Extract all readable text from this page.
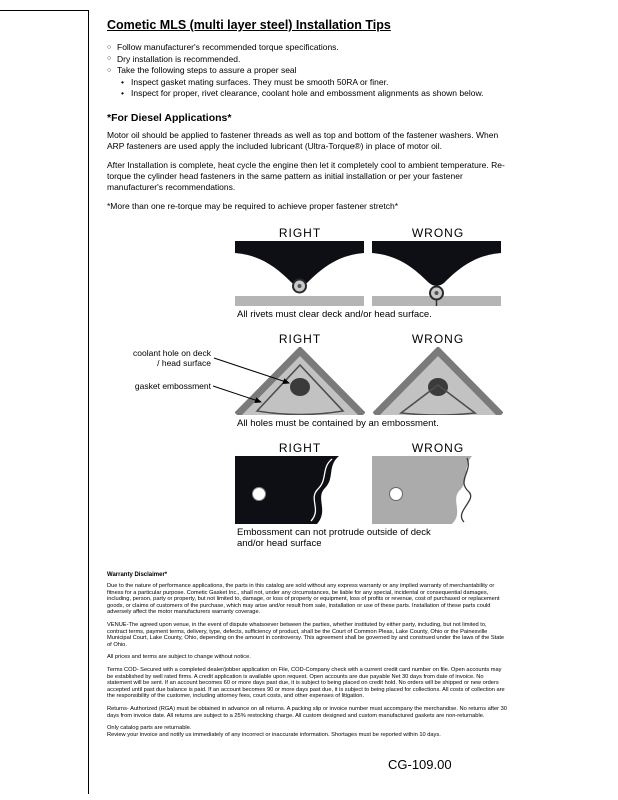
Cometic MLS (multi layer steel) Installation Tips
○ Follow manufacturer's recommended torque specifications.
○ Dry installation is recommended.
○ Take the following steps to assure a proper seal
• Inspect gasket mating surfaces. They must be smooth 50RA or finer.
• Inspect for proper, rivet clearance, coolant hole and embossment alignments as shown below.
*For Diesel Applications*

Motor oil should be applied to fastener threads as well as top and bottom of the fastener washers. When ARP fasteners are used apply the included lubricant (Ultra-Torque®) in place of motor oil.

After Installation is complete, heat cycle the engine then let it completely cool to ambient temperature. Re-torque the cylinder head fasteners in the same pattern as initial installation or per your fastener manufacturer's recommendations.

*More than one re-torque may be required to achieve proper fastener stretch*

RIGHT	WRONG
All rivets must clear deck and/or head surface.
RIGHT	WRONG
coolant hole on deck / head surface
gasket embossment
All holes must be contained by an embossment.
RIGHT	WRONG
Embossment can not protrude outside of deck and/or head surface
Warranty Disclaimer*

Due to the nature of performance applications, the parts in this catalog are sold without any express warranty or any implied warranty of merchantability or fitness for a particular purpose. Cometic Gasket Inc., shall not, under any circumstances, be liable for any special, incidental or consequential damages, including, person, party or property, but not limited to, damage, or loss of property or equipment, loss of profits or revenue, cost of purchased or replacement goods, or claims of customers of the purchase, which may arise and/or result from sale, installation or use of these parts. Installation of these parts could adversely affect the motor manufacturers warranty coverage.

VENUE-The agreed upon venue, in the event of dispute whatsoever between the parties, whether instituted by either party, including, but not limited to, contract terms, payment terms, delivery, type, defects, sufficiency of product, shall be the Court of Common Pleas, Lake County, Ohio or the Painesville Municipal Court, Lake County, Ohio, depending on the amount in controversy. This agreement shall be governed by and construed under the laws of the State of Ohio.

All prices and terms are subject to change without notice.

Terms COD- Secured with a completed dealer/jobber application on File, COD-Company check with a current credit card number on file. Open accounts may be established by well rated firms. A credit application is available upon request. Open accounts are due payable Net 30 days from date of invoice. No statement will be sent. If an account becomes 60 or more days past due, it is subject to being placed on credit hold. No orders will be shipped or new orders accepted until past due balance is paid. If an account becomes 90 or more days past due, it is subject to being placed for collections. All costs of collection are the responsibility of the customer, including attorney fees, court costs, and other expenses of litigation.

Returns- Authorized (RGA) must be obtained in advance on all returns. A packing slip or invoice number must accompany the merchandise. No returns after 30 days from invoice date. All returns are subject to a 25% restocking charge. All custom designed and custom manufactured gaskets are non-returnable.

Only catalog parts are returnable.

Review your invoice and notify us immediately of any incorrect or inaccurate information. Shortages must be reported within 10 days.

CG-109.00
